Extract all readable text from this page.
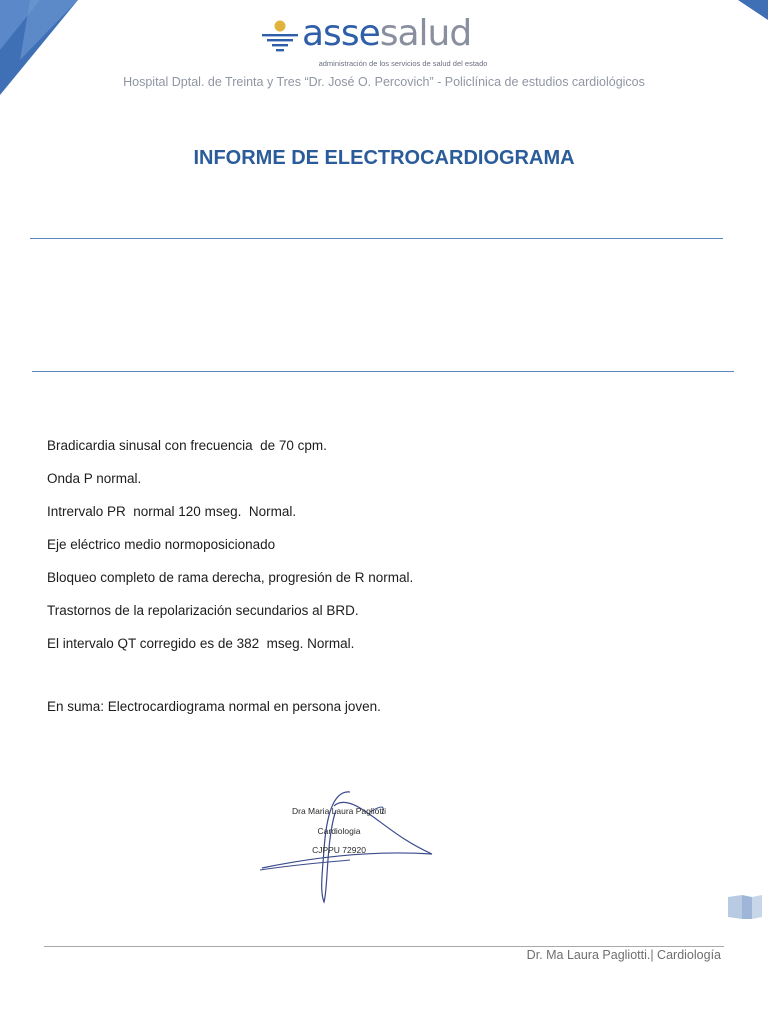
assesalud
administración de los servicios de salud del estado
Hospital Dptal. de Treinta y Tres “Dr. José O. Percovich” - Policlínica de estudios cardiológicos
INFORME DE ELECTROCARDIOGRAMA
Bradicardia sinusal con frecuencia  de 70 cpm.
Onda P normal.
Intrervalo PR  normal 120 mseg.  Normal.
Eje eléctrico medio normoposicionado
Bloqueo completo de rama derecha, progresión de R normal.
Trastornos de la repolarización secundarios al BRD.
El intervalo QT corregido es de 382  mseg. Normal.
En suma: Electrocardiograma normal en persona joven.
Dra Maria Laura Pagliotti
Cardiologia
CJPPU 72920
Dr. Ma Laura Pagliotti.| Cardiología
